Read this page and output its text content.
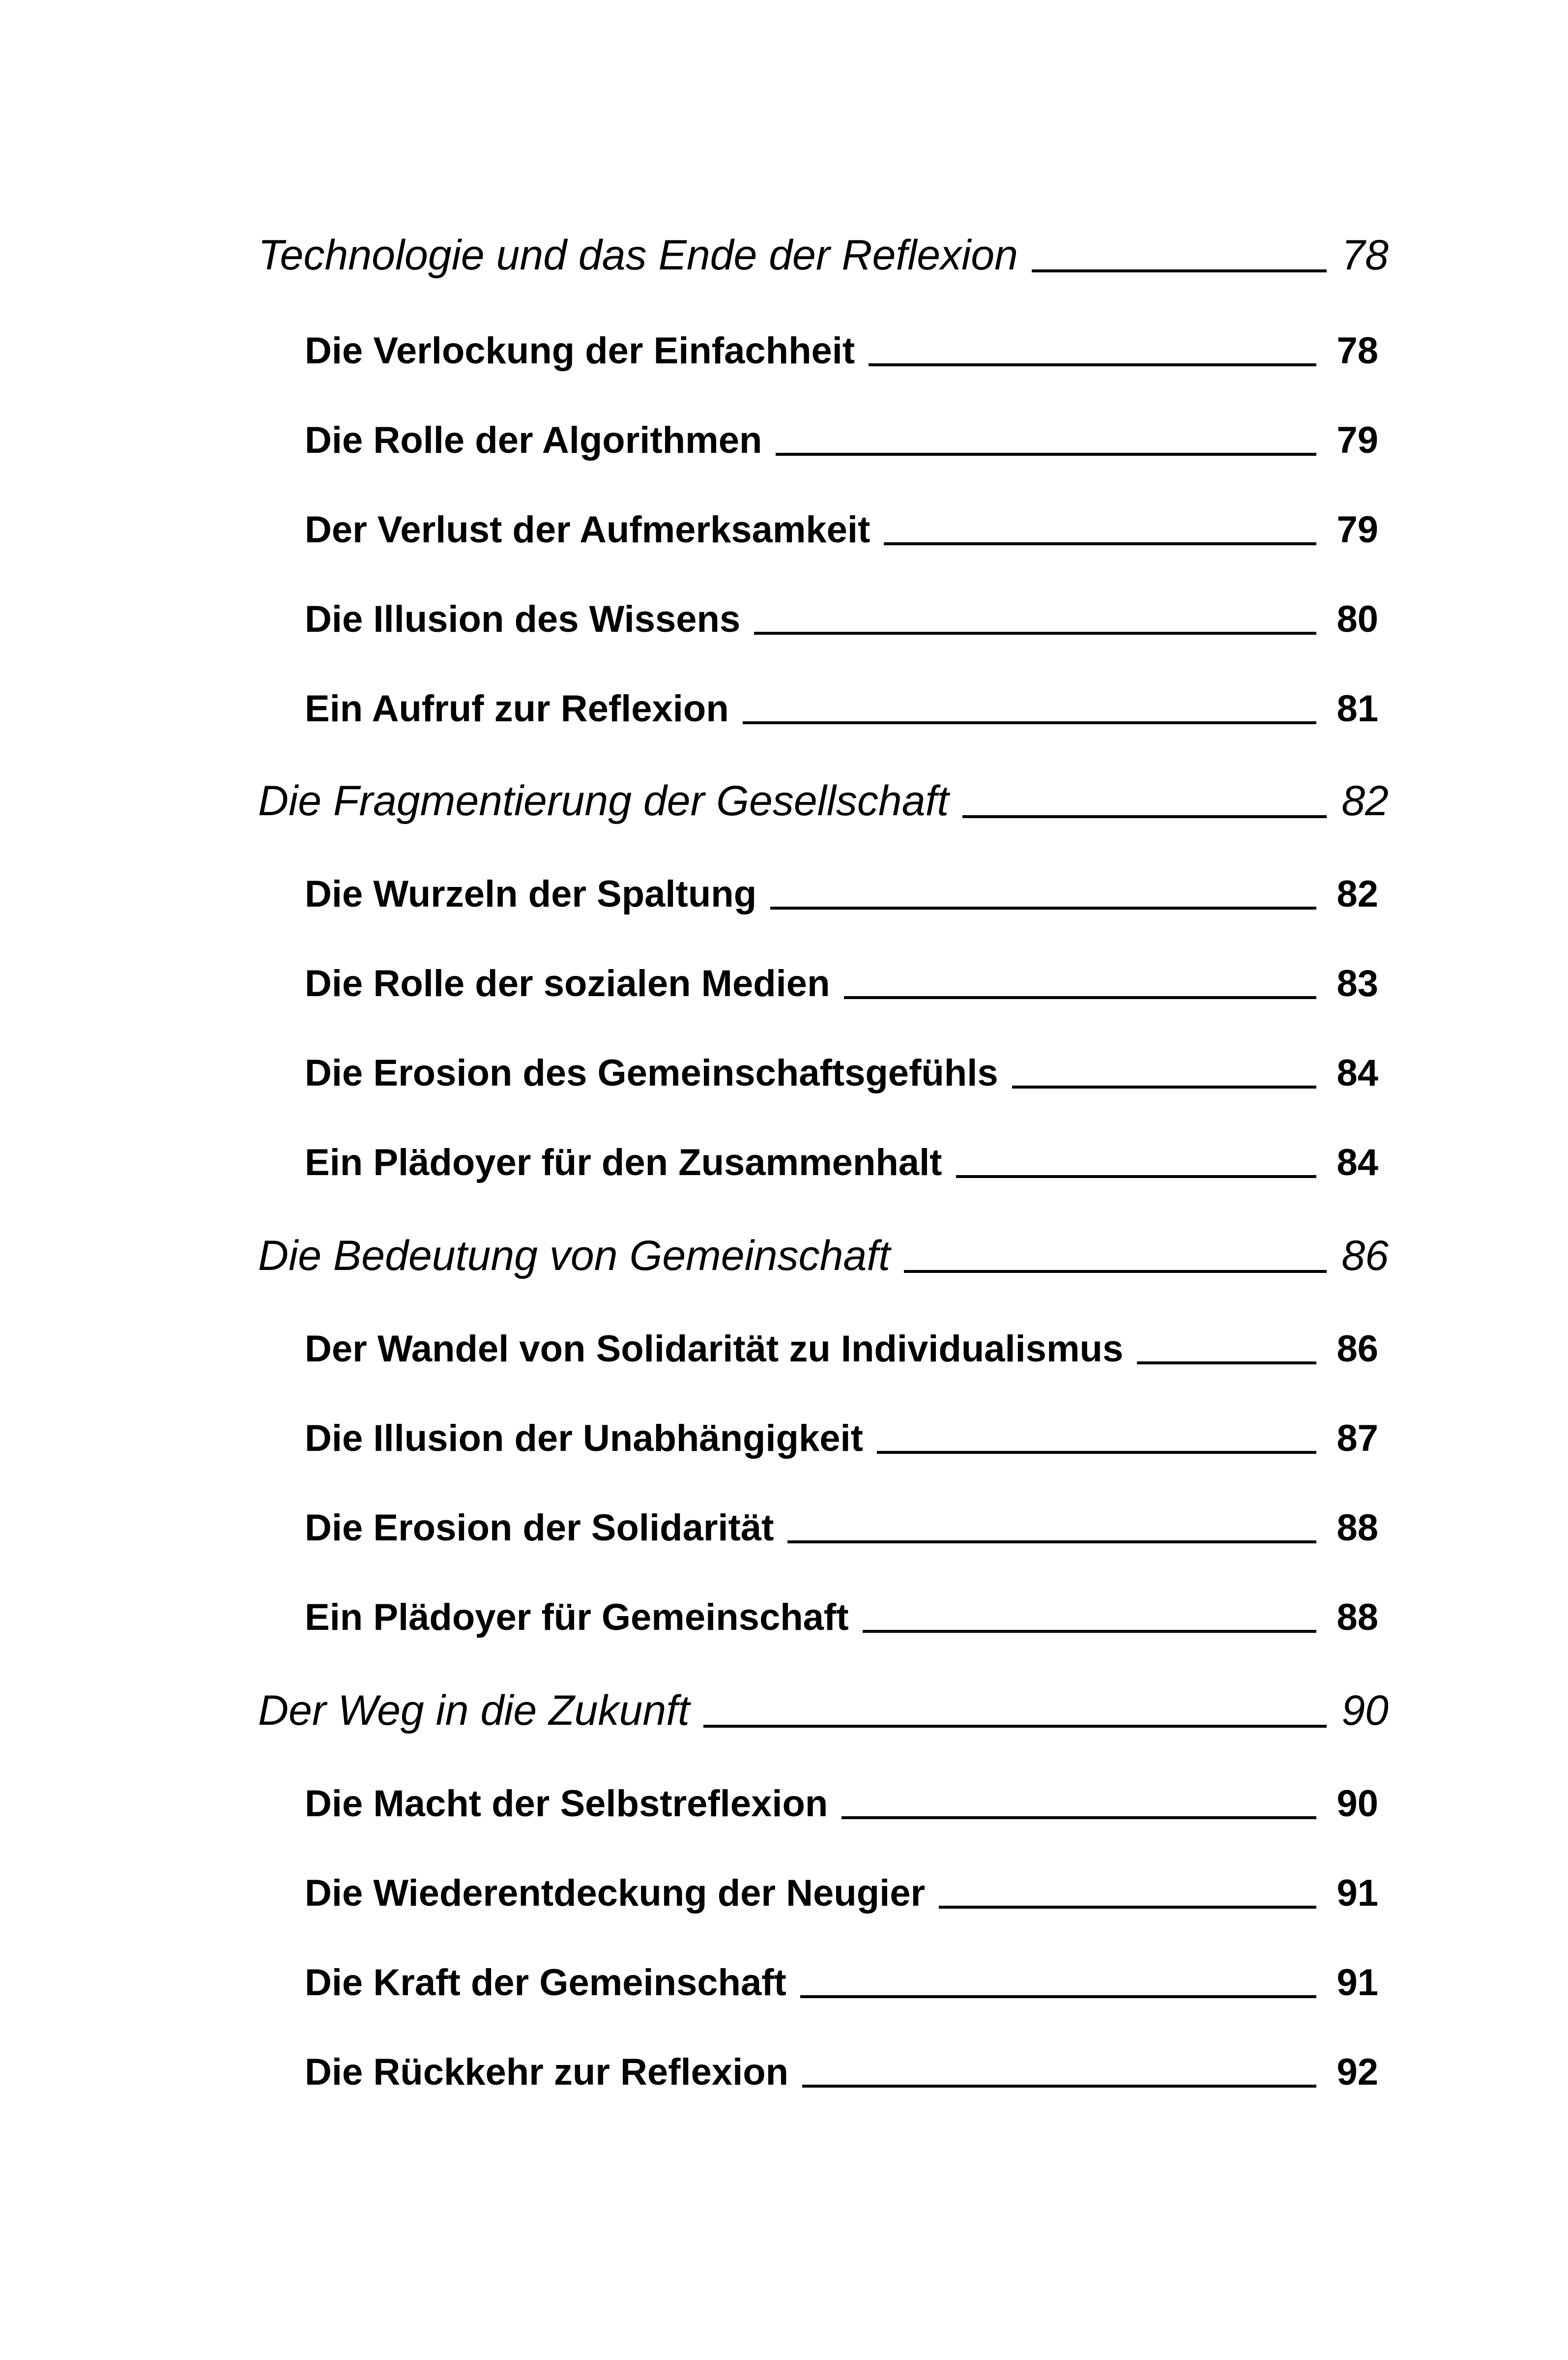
Technologie und das Ende der Reflexion	78
Die Verlockung der Einfachheit	78
Die Rolle der Algorithmen	79
Der Verlust der Aufmerksamkeit	79
Die Illusion des Wissens	80
Ein Aufruf zur Reflexion	81
Die Fragmentierung der Gesellschaft	82
Die Wurzeln der Spaltung	82
Die Rolle der sozialen Medien	83
Die Erosion des Gemeinschaftsgefühls	84
Ein Plädoyer für den Zusammenhalt	84
Die Bedeutung von Gemeinschaft	86
Der Wandel von Solidarität zu Individualismus	86
Die Illusion der Unabhängigkeit	87
Die Erosion der Solidarität	88
Ein Plädoyer für Gemeinschaft	88
Der Weg in die Zukunft	90
Die Macht der Selbstreflexion	90
Die Wiederentdeckung der Neugier	91
Die Kraft der Gemeinschaft	91
Die Rückkehr zur Reflexion	92
